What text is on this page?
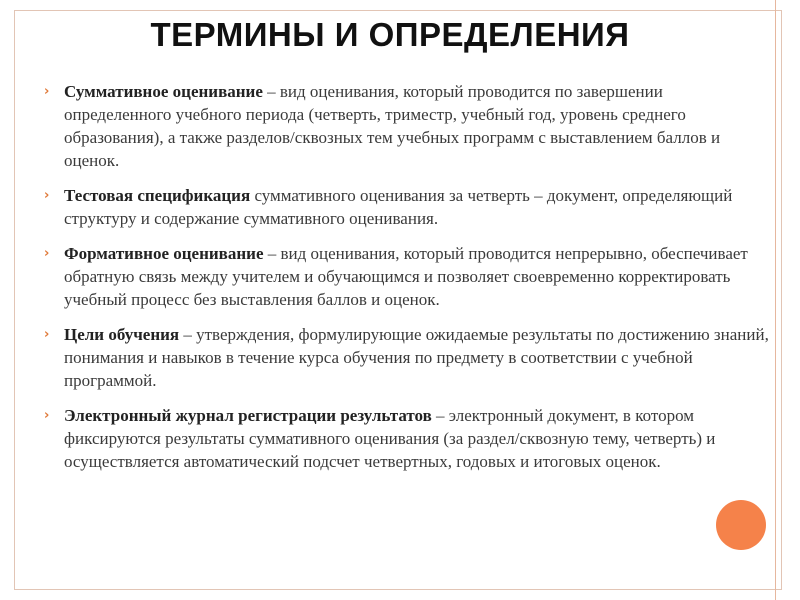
ТЕРМИНЫ И ОПРЕДЕЛЕНИЯ

› Суммативное оценивание – вид оценивания, который проводится по завершении определенного учебного периода (четверть, триместр, учебный год, уровень среднего образования), а также разделов/сквозных тем учебных программ с выставлением баллов и оценок.

› Тестовая спецификация суммативного оценивания за четверть – документ, определяющий структуру и содержание суммативного оценивания.

› Формативное оценивание – вид оценивания, который проводится непрерывно, обеспечивает обратную связь между учителем и обучающимся и позволяет своевременно корректировать учебный процесс без выставления баллов и оценок.

› Цели обучения – утверждения, формулирующие ожидаемые результаты по достижению знаний, понимания и навыков в течение курса обучения по предмету в соответствии с учебной программой.

› Электронный журнал регистрации результатов – электронный документ, в котором фиксируются результаты суммативного оценивания (за раздел/сквозную тему, четверть) и осуществляется автоматический подсчет четвертных, годовых и итоговых оценок.
